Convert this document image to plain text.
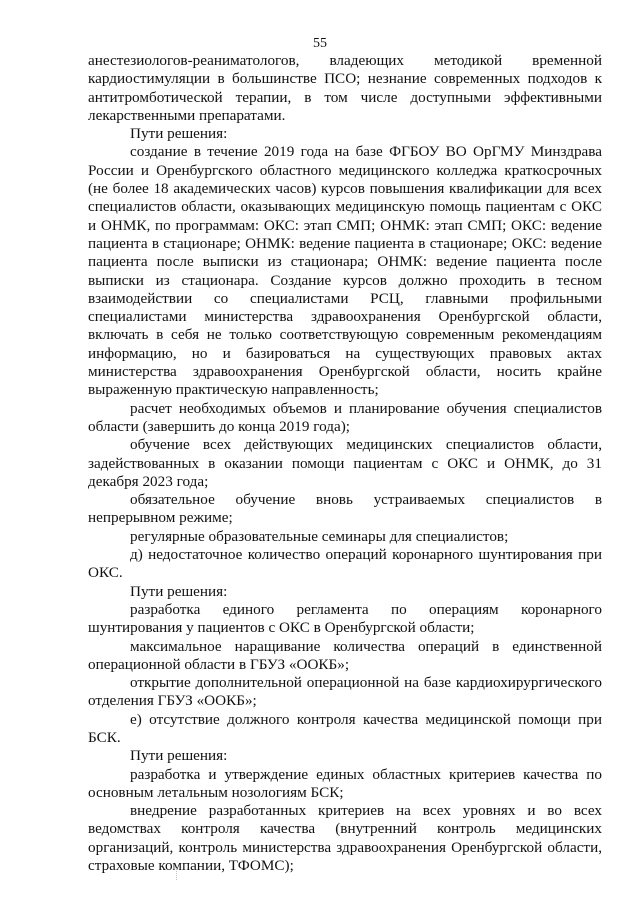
55

анестезиологов-реаниматологов, владеющих методикой временной кардиостимуляции в большинстве ПСО; незнание современных подходов к антитромботической терапии, в том числе доступными эффективными лекарственными препаратами.

Пути решения:

создание в течение 2019 года на базе ФГБОУ ВО ОрГМУ Минздрава России и Оренбургского областного медицинского колледжа краткосрочных (не более 18 академических часов) курсов повышения квалификации для всех специалистов области, оказывающих медицинскую помощь пациентам с ОКС и ОНМК, по программам: ОКС: этап СМП; ОНМК: этап СМП; ОКС: ведение пациента в стационаре; ОНМК: ведение пациента в стационаре; ОКС: ведение пациента после выписки из стационара; ОНМК: ведение пациента после выписки из стационара. Создание курсов должно проходить в тесном взаимодействии со специалистами РСЦ, главными профильными специалистами министерства здравоохранения Оренбургской области, включать в себя не только соответствующую современным рекомендациям информацию, но и базироваться на существующих правовых актах министерства здравоохранения Оренбургской области, носить крайне выраженную практическую направленность;

расчет необходимых объемов и планирование обучения специалистов области (завершить до конца 2019 года);

обучение всех действующих медицинских специалистов области, задействованных в оказании помощи пациентам с ОКС и ОНМК, до 31 декабря 2023 года;

обязательное обучение вновь устраиваемых специалистов в непрерывном режиме;

регулярные образовательные семинары для специалистов;

д) недостаточное количество операций коронарного шунтирования при ОКС.

Пути решения:

разработка единого регламента по операциям коронарного шунтирования у пациентов с ОКС в Оренбургской области;

максимальное наращивание количества операций в единственной операционной области в ГБУЗ «ООКБ»;

открытие дополнительной операционной на базе кардиохирургического отделения ГБУЗ «ООКБ»;

е) отсутствие должного контроля качества медицинской помощи при БСК.

Пути решения:

разработка и утверждение единых областных критериев качества по основным летальным нозологиям БСК;

внедрение разработанных критериев на всех уровнях и во всех ведомствах контроля качества (внутренний контроль медицинских организаций, контроль министерства здравоохранения Оренбургской области, страховые компании, ТФОМС);
